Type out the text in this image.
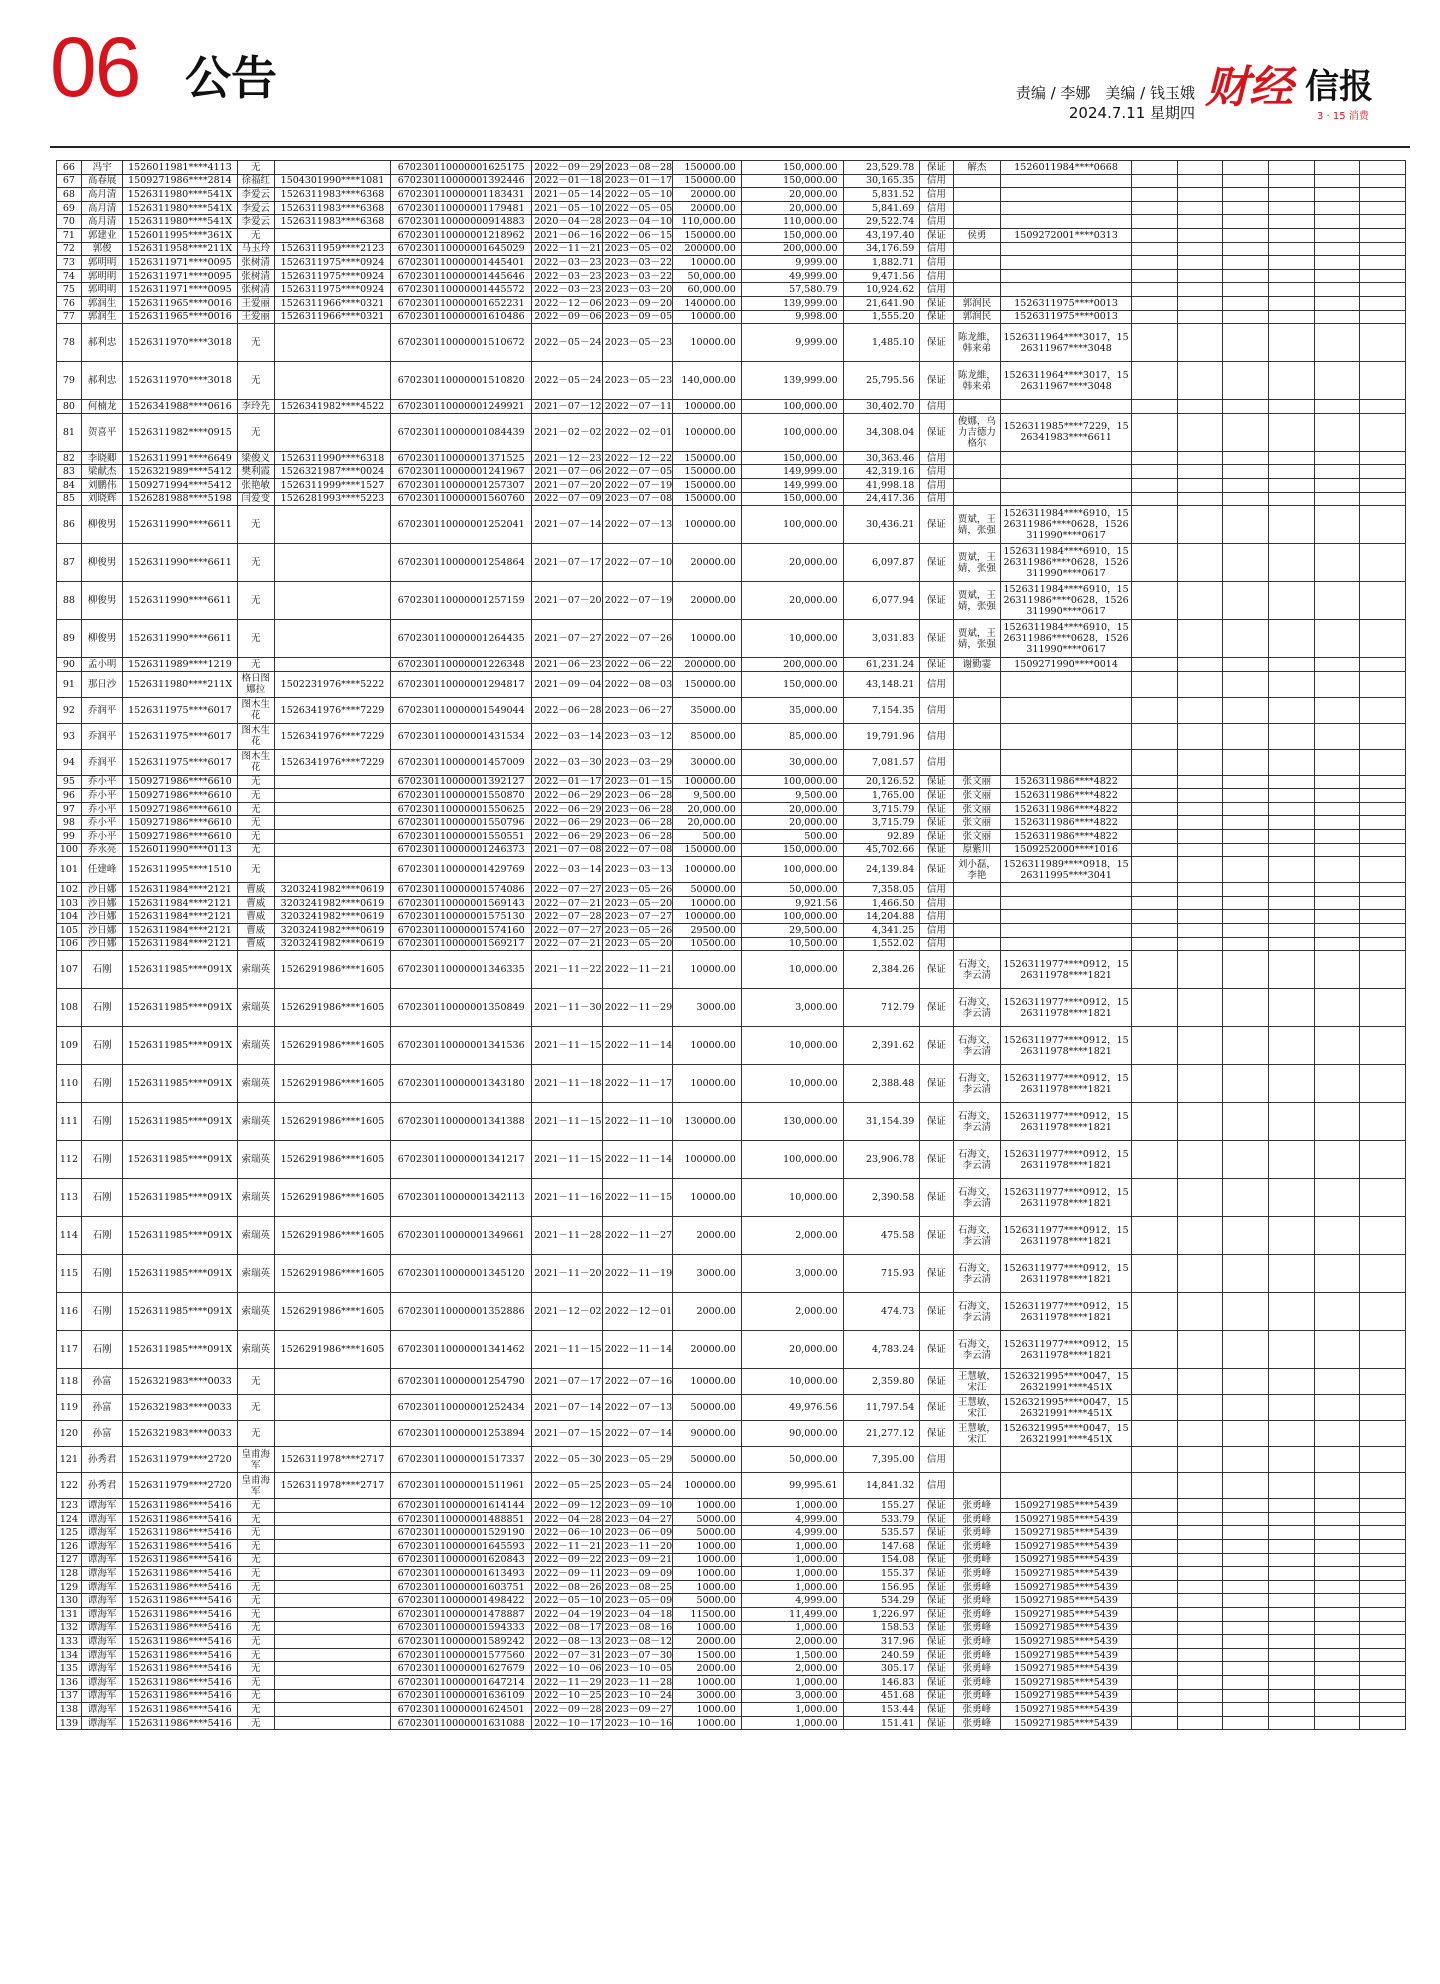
06 公告	责编 / 李娜　美编 / 钱玉娥
2024.7.11 星期四 财经 信报
3 · 15 消费
66	冯宇	1526011981****4113	无		670230110000001625175	2022－09－29	2023－08－28	150000.00	150,000.00	23,529.78	保证	解杰	1526011984****0668						
67	高春展	1509271986****2814	徐福红	1504301990****1081	670230110000001392446	2022－01－18	2023－01－17	150000.00	150,000.00	30,165.35	信用								
68	高月清	1526311980****541X	李爱云	1526311983****6368	670230110000001183431	2021－05－14	2022－05－10	20000.00	20,000.00	5,831.52	信用								
69	高月清	1526311980****541X	李爱云	1526311983****6368	670230110000001179481	2021－05－10	2022－05－05	20000.00	20,000.00	5,841.69	信用								
70	高月清	1526311980****541X	李爱云	1526311983****6368	670230110000000914883	2020－04－28	2023－04－10	110,000.00	110,000.00	29,522.74	信用								
71	郭建业	1526011995****361X	无		670230110000001218962	2021－06－16	2022－06－15	150000.00	150,000.00	43,197.40	保证	侯勇	1509272001****0313						
72	郭俊	1526311958****211X	马玉玲	1526311959****2123	670230110000001645029	2022－11－21	2023－05－02	200000.00	200,000.00	34,176.59	信用								
73	郭明明	1526311971****0095	张树清	1526311975****0924	670230110000001445401	2022－03－23	2023－03－22	10000.00	9,999.00	1,882.71	信用								
74	郭明明	1526311971****0095	张树清	1526311975****0924	670230110000001445646	2022－03－23	2023－03－22	50,000.00	49,999.00	9,471.56	信用								
75	郭明明	1526311971****0095	张树清	1526311975****0924	670230110000001445572	2022－03－23	2023－03－20	60,000.00	57,580.79	10,924.62	信用								
76	郭润生	1526311965****0016	王爱丽	1526311966****0321	670230110000001652231	2022－12－06	2023－09－20	140000.00	139,999.00	21,641.90	保证	郭润民	1526311975****0013						
77	郭润生	1526311965****0016	王爱丽	1526311966****0321	670230110000001610486	2022－09－06	2023－09－05	10000.00	9,998.00	1,555.20	保证	郭润民	1526311975****0013						
78	郝利忠	1526311970****3018	无		670230110000001510672	2022－05－24	2023－05－23	10000.00	9,999.00	1,485.10	保证	陈龙維，韩来弟	1526311964****3017，1526311967****3048						
79	郝利忠	1526311970****3018	无		670230110000001510820	2022－05－24	2023－05－23	140,000.00	139,999.00	25,795.56	保证	陈龙維，韩来弟	1526311964****3017，1526311967****3048						
80	何楠龙	1526341988****0616	李玲先	1526341982****4522	670230110000001249921	2021－07－12	2022－07－11	100000.00	100,000.00	30,402.70	信用								
81	贺喜平	1526311982****0915	无		670230110000001084439	2021－02－02	2022－02－01	100000.00	100,000.00	34,308.04	保证	俊娜，乌力吉德力格尔	1526311985****7229，1526341983****6611						
82	李晓卿	1526311991****6649	梁俊义	1526311990****6318	670230110000001371525	2021－12－23	2022－12－22	150000.00	150,000.00	30,363.46	信用								
83	梁献杰	1526321989****5412	樊利霞	1526321987****0024	670230110000001241967	2021－07－06	2022－07－05	150000.00	149,999.00	42,319.16	信用								
84	刘鹏伟	1509271994****5412	张艳敏	1526311999****1527	670230110000001257307	2021－07－20	2022－07－19	150000.00	149,999.00	41,998.18	信用								
85	刘晓辉	1526281988****5198	闫爱变	1526281993****5223	670230110000001560760	2022－07－09	2023－07－08	150000.00	150,000.00	24,417.36	信用								
86	柳俊男	1526311990****6611	无		670230110000001252041	2021－07－14	2022－07－13	100000.00	100,000.00	30,436.21	保证	贾斌，王婧，张强	1526311984****6910，1526311986****0628，1526311990****0617						
87	柳俊男	1526311990****6611	无		670230110000001254864	2021－07－17	2022－07－10	20000.00	20,000.00	6,097.87	保证	贾斌，王婧，张强	1526311984****6910，1526311986****0628，1526311990****0617						
88	柳俊男	1526311990****6611	无		670230110000001257159	2021－07－20	2022－07－19	20000.00	20,000.00	6,077.94	保证	贾斌，王婧，张强	1526311984****6910，1526311986****0628，1526311990****0617						
89	柳俊男	1526311990****6611	无		670230110000001264435	2021－07－27	2022－07－26	10000.00	10,000.00	3,031.83	保证	贾斌，王婧，张强	1526311984****6910，1526311986****0628，1526311990****0617						
90	孟小明	1526311989****1219	无		670230110000001226348	2021－06－23	2022－06－22	200000.00	200,000.00	61,231.24	保证	谢勤霎	1509271990****0014						
91	那日沙	1526311980****211X	格日图娜拉	1502231976****5222	670230110000001294817	2021－09－04	2022－08－03	150000.00	150,000.00	43,148.21	信用								
92	乔润平	1526311975****6017	图木生花	1526341976****7229	670230110000001549044	2022－06－28	2023－06－27	35000.00	35,000.00	7,154.35	信用								
93	乔润平	1526311975****6017	图木生花	1526341976****7229	670230110000001431534	2022－03－14	2023－03－12	85000.00	85,000.00	19,791.96	信用								
94	乔润平	1526311975****6017	图木生花	1526341976****7229	670230110000001457009	2022－03－30	2023－03－29	30000.00	30,000.00	7,081.57	信用								
95	乔小平	1509271986****6610	无		670230110000001392127	2022－01－17	2023－01－15	100000.00	100,000.00	20,126.52	保证	张文丽	1526311986****4822						
96	乔小平	1509271986****6610	无		670230110000001550870	2022－06－29	2023－06－28	9,500.00	9,500.00	1,765.00	保证	张文丽	1526311986****4822						
97	乔小平	1509271986****6610	无		670230110000001550625	2022－06－29	2023－06－28	20,000.00	20,000.00	3,715.79	保证	张文丽	1526311986****4822						
98	乔小平	1509271986****6610	无		670230110000001550796	2022－06－29	2023－06－28	20,000.00	20,000.00	3,715.79	保证	张文丽	1526311986****4822						
99	乔小平	1509271986****6610	无		670230110000001550551	2022－06－29	2023－06－28	500.00	500.00	92.89	保证	张文丽	1526311986****4822						
100	乔永亮	1526011990****0113	无		670230110000001246373	2021－07－08	2022－07－08	150000.00	150,000.00	45,702.66	保证	原紫川	1509252000****1016						
101	任建峰	1526311995****1510	无		670230110000001429769	2022－03－14	2023－03－13	100000.00	100,000.00	24,139.84	保证	刘小磊，李艳	1526311989****0918，1526311995****3041						
102	沙日娜	1526311984****2121	曹威	3203241982****0619	670230110000001574086	2022－07－27	2023－05－26	50000.00	50,000.00	7,358.05	信用								
103	沙日娜	1526311984****2121	曹威	3203241982****0619	670230110000001569143	2022－07－21	2023－05－20	10000.00	9,921.56	1,466.50	信用								
104	沙日娜	1526311984****2121	曹威	3203241982****0619	670230110000001575130	2022－07－28	2023－07－27	100000.00	100,000.00	14,204.88	信用								
105	沙日娜	1526311984****2121	曹威	3203241982****0619	670230110000001574160	2022－07－27	2023－05－26	29500.00	29,500.00	4,341.25	信用								
106	沙日娜	1526311984****2121	曹威	3203241982****0619	670230110000001569217	2022－07－21	2023－05－20	10500.00	10,500.00	1,552.02	信用								
107	石刚	1526311985****091X	索瑞英	1526291986****1605	670230110000001346335	2021－11－22	2022－11－21	10000.00	10,000.00	2,384.26	保证	石海文，李云清	1526311977****0912，1526311978****1821						
108	石刚	1526311985****091X	索瑞英	1526291986****1605	670230110000001350849	2021－11－30	2022－11－29	3000.00	3,000.00	712.79	保证	石海文，李云清	1526311977****0912，1526311978****1821						
109	石刚	1526311985****091X	索瑞英	1526291986****1605	670230110000001341536	2021－11－15	2022－11－14	10000.00	10,000.00	2,391.62	保证	石海文，李云清	1526311977****0912，1526311978****1821						
110	石刚	1526311985****091X	索瑞英	1526291986****1605	670230110000001343180	2021－11－18	2022－11－17	10000.00	10,000.00	2,388.48	保证	石海文，李云清	1526311977****0912，1526311978****1821						
111	石刚	1526311985****091X	索瑞英	1526291986****1605	670230110000001341388	2021－11－15	2022－11－10	130000.00	130,000.00	31,154.39	保证	石海文，李云清	1526311977****0912，1526311978****1821						
112	石刚	1526311985****091X	索瑞英	1526291986****1605	670230110000001341217	2021－11－15	2022－11－14	100000.00	100,000.00	23,906.78	保证	石海文，李云清	1526311977****0912，1526311978****1821						
113	石刚	1526311985****091X	索瑞英	1526291986****1605	670230110000001342113	2021－11－16	2022－11－15	10000.00	10,000.00	2,390.58	保证	石海文，李云清	1526311977****0912，1526311978****1821						
114	石刚	1526311985****091X	索瑞英	1526291986****1605	670230110000001349661	2021－11－28	2022－11－27	2000.00	2,000.00	475.58	保证	石海文，李云清	1526311977****0912，1526311978****1821						
115	石刚	1526311985****091X	索瑞英	1526291986****1605	670230110000001345120	2021－11－20	2022－11－19	3000.00	3,000.00	715.93	保证	石海文，李云清	1526311977****0912，1526311978****1821						
116	石刚	1526311985****091X	索瑞英	1526291986****1605	670230110000001352886	2021－12－02	2022－12－01	2000.00	2,000.00	474.73	保证	石海文，李云清	1526311977****0912，1526311978****1821						
117	石刚	1526311985****091X	索瑞英	1526291986****1605	670230110000001341462	2021－11－15	2022－11－14	20000.00	20,000.00	4,783.24	保证	石海文，李云清	1526311977****0912，1526311978****1821						
118	孙富	1526321983****0033	无		670230110000001254790	2021－07－17	2022－07－16	10000.00	10,000.00	2,359.80	保证	王慧敏，宋江	1526321995****0047，1526321991****451X						
119	孙富	1526321983****0033	无		670230110000001252434	2021－07－14	2022－07－13	50000.00	49,976.56	11,797.54	保证	王慧敏，宋江	1526321995****0047，1526321991****451X						
120	孙富	1526321983****0033	无		670230110000001253894	2021－07－15	2022－07－14	90000.00	90,000.00	21,277.12	保证	王慧敏，宋江	1526321995****0047，1526321991****451X						
121	孙秀君	1526311979****2720	皇甫海军	1526311978****2717	670230110000001517337	2022－05－30	2023－05－29	50000.00	50,000.00	7,395.00	信用								
122	孙秀君	1526311979****2720	皇甫海军	1526311978****2717	670230110000001511961	2022－05－25	2023－05－24	100000.00	99,995.61	14,841.32	信用								
123	谭海军	1526311986****5416	无		670230110000001614144	2022－09－12	2023－09－10	1000.00	1,000.00	155.27	保证	张勇峰	1509271985****5439						
124	谭海军	1526311986****5416	无		670230110000001488851	2022－04－28	2023－04－27	5000.00	4,999.00	533.79	保证	张勇峰	1509271985****5439						
125	谭海军	1526311986****5416	无		670230110000001529190	2022－06－10	2023－06－09	5000.00	4,999.00	535.57	保证	张勇峰	1509271985****5439						
126	谭海军	1526311986****5416	无		670230110000001645593	2022－11－21	2023－11－20	1000.00	1,000.00	147.68	保证	张勇峰	1509271985****5439						
127	谭海军	1526311986****5416	无		670230110000001620843	2022－09－22	2023－09－21	1000.00	1,000.00	154.08	保证	张勇峰	1509271985****5439						
128	谭海军	1526311986****5416	无		670230110000001613493	2022－09－11	2023－09－09	1000.00	1,000.00	155.37	保证	张勇峰	1509271985****5439						
129	谭海军	1526311986****5416	无		670230110000001603751	2022－08－26	2023－08－25	1000.00	1,000.00	156.95	保证	张勇峰	1509271985****5439						
130	谭海军	1526311986****5416	无		670230110000001498422	2022－05－10	2023－05－09	5000.00	4,999.00	534.29	保证	张勇峰	1509271985****5439						
131	谭海军	1526311986****5416	无		670230110000001478887	2022－04－19	2023－04－18	11500.00	11,499.00	1,226.97	保证	张勇峰	1509271985****5439						
132	谭海军	1526311986****5416	无		670230110000001594333	2022－08－17	2023－08－16	1000.00	1,000.00	158.53	保证	张勇峰	1509271985****5439						
133	谭海军	1526311986****5416	无		670230110000001589242	2022－08－13	2023－08－12	2000.00	2,000.00	317.96	保证	张勇峰	1509271985****5439						
134	谭海军	1526311986****5416	无		670230110000001577560	2022－07－31	2023－07－30	1500.00	1,500.00	240.59	保证	张勇峰	1509271985****5439						
135	谭海军	1526311986****5416	无		670230110000001627679	2022－10－06	2023－10－05	2000.00	2,000.00	305.17	保证	张勇峰	1509271985****5439						
136	谭海军	1526311986****5416	无		670230110000001647214	2022－11－29	2023－11－28	1000.00	1,000.00	146.83	保证	张勇峰	1509271985****5439						
137	谭海军	1526311986****5416	无		670230110000001636109	2022－10－25	2023－10－24	3000.00	3,000.00	451.68	保证	张勇峰	1509271985****5439						
138	谭海军	1526311986****5416	无		670230110000001624501	2022－09－28	2023－09－27	1000.00	1,000.00	153.44	保证	张勇峰	1509271985****5439						
139	谭海军	1526311986****5416	无		670230110000001631088	2022－10－17	2023－10－16	1000.00	1,000.00	151.41	保证	张勇峰	1509271985****5439						
